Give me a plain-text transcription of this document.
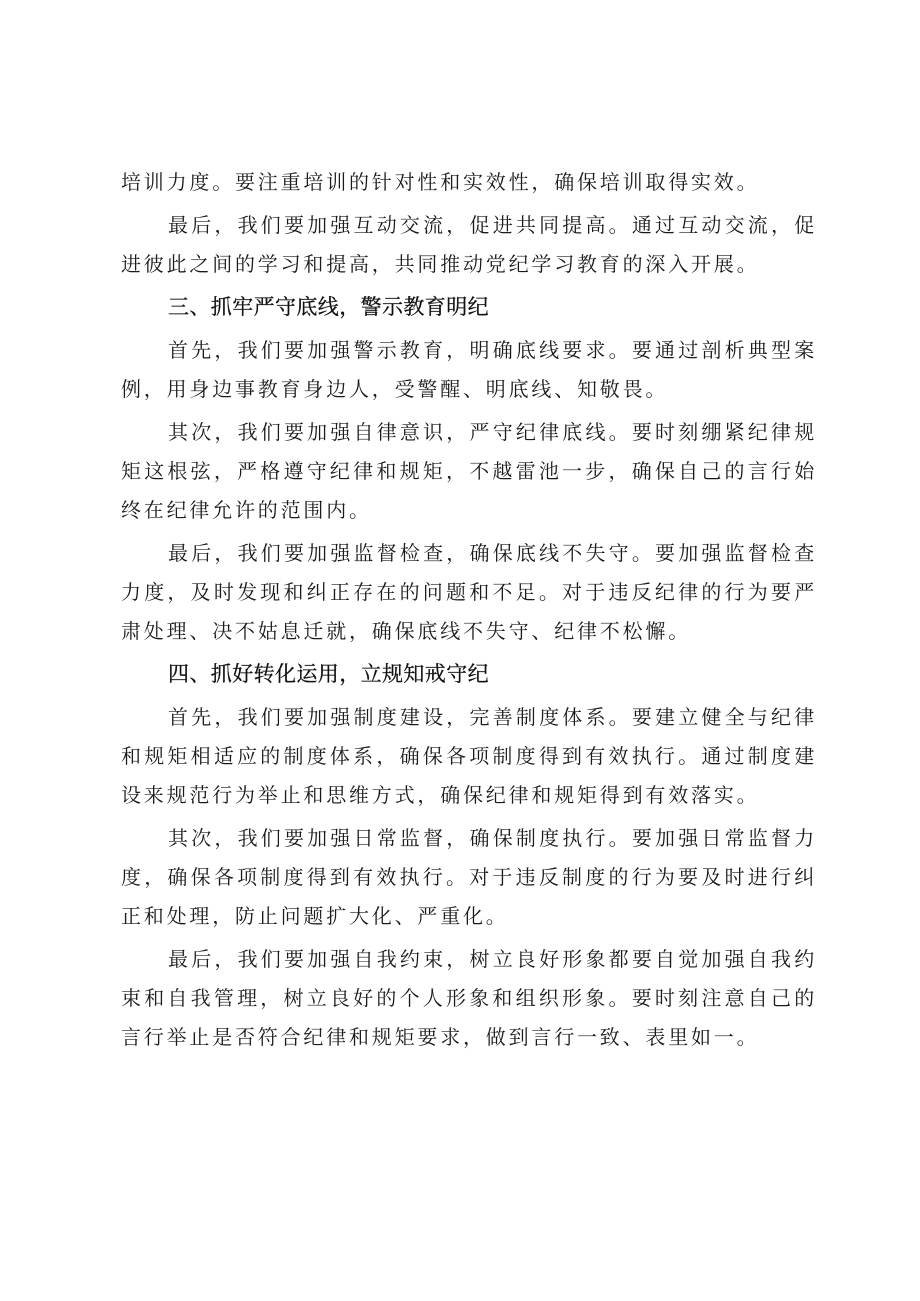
培训力度。要注重培训的针对性和实效性，确保培训取得实效。

最后，我们要加强互动交流，促进共同提高。通过互动交流，促进彼此之间的学习和提高，共同推动党纪学习教育的深入开展。

三、抓牢严守底线，警示教育明纪

首先，我们要加强警示教育，明确底线要求。要通过剖析典型案例，用身边事教育身边人，受警醒、明底线、知敬畏。

其次，我们要加强自律意识，严守纪律底线。要时刻绷紧纪律规矩这根弦，严格遵守纪律和规矩，不越雷池一步，确保自己的言行始终在纪律允许的范围内。

最后，我们要加强监督检查，确保底线不失守。要加强监督检查力度，及时发现和纠正存在的问题和不足。对于违反纪律的行为要严肃处理、决不姑息迁就，确保底线不失守、纪律不松懈。

四、抓好转化运用，立规知戒守纪

首先，我们要加强制度建设，完善制度体系。要建立健全与纪律和规矩相适应的制度体系，确保各项制度得到有效执行。通过制度建设来规范行为举止和思维方式，确保纪律和规矩得到有效落实。

其次，我们要加强日常监督，确保制度执行。要加强日常监督力度，确保各项制度得到有效执行。对于违反制度的行为要及时进行纠正和处理，防止问题扩大化、严重化。

最后，我们要加强自我约束，树立良好形象都要自觉加强自我约束和自我管理，树立良好的个人形象和组织形象。要时刻注意自己的言行举止是否符合纪律和规矩要求，做到言行一致、表里如一。
